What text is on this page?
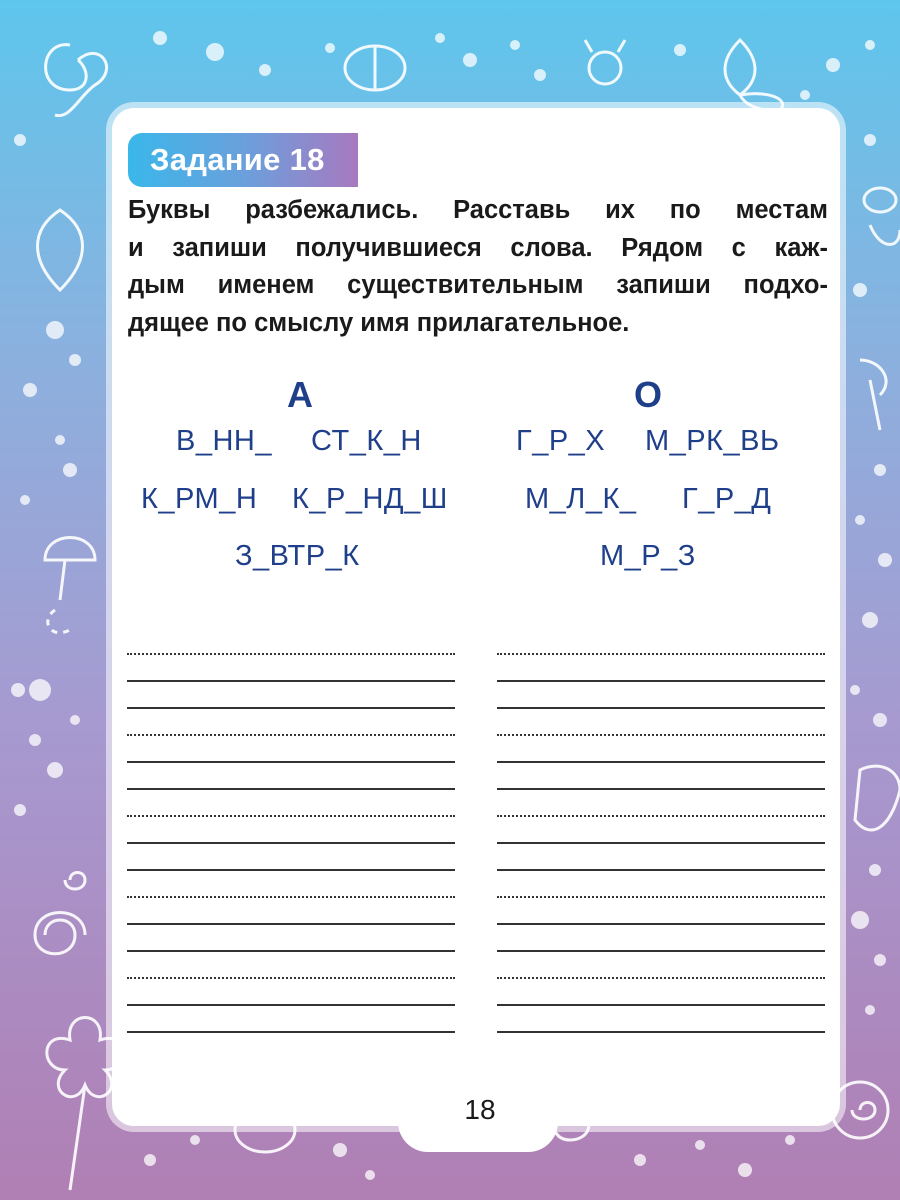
Задание 18
Буквы разбежались. Расставь их по местам
и запиши получившиеся слова. Рядом с каж-
дым именем существительным запиши подхо-
дящее по смыслу имя прилагательное.
А
В_НН_ СТ_К_Н
К_РМ_Н К_Р_НД_Ш
З_ВТР_К
О
Г_Р_Х М_РК_ВЬ
М_Л_К_ Г_Р_Д
М_Р_З
18
